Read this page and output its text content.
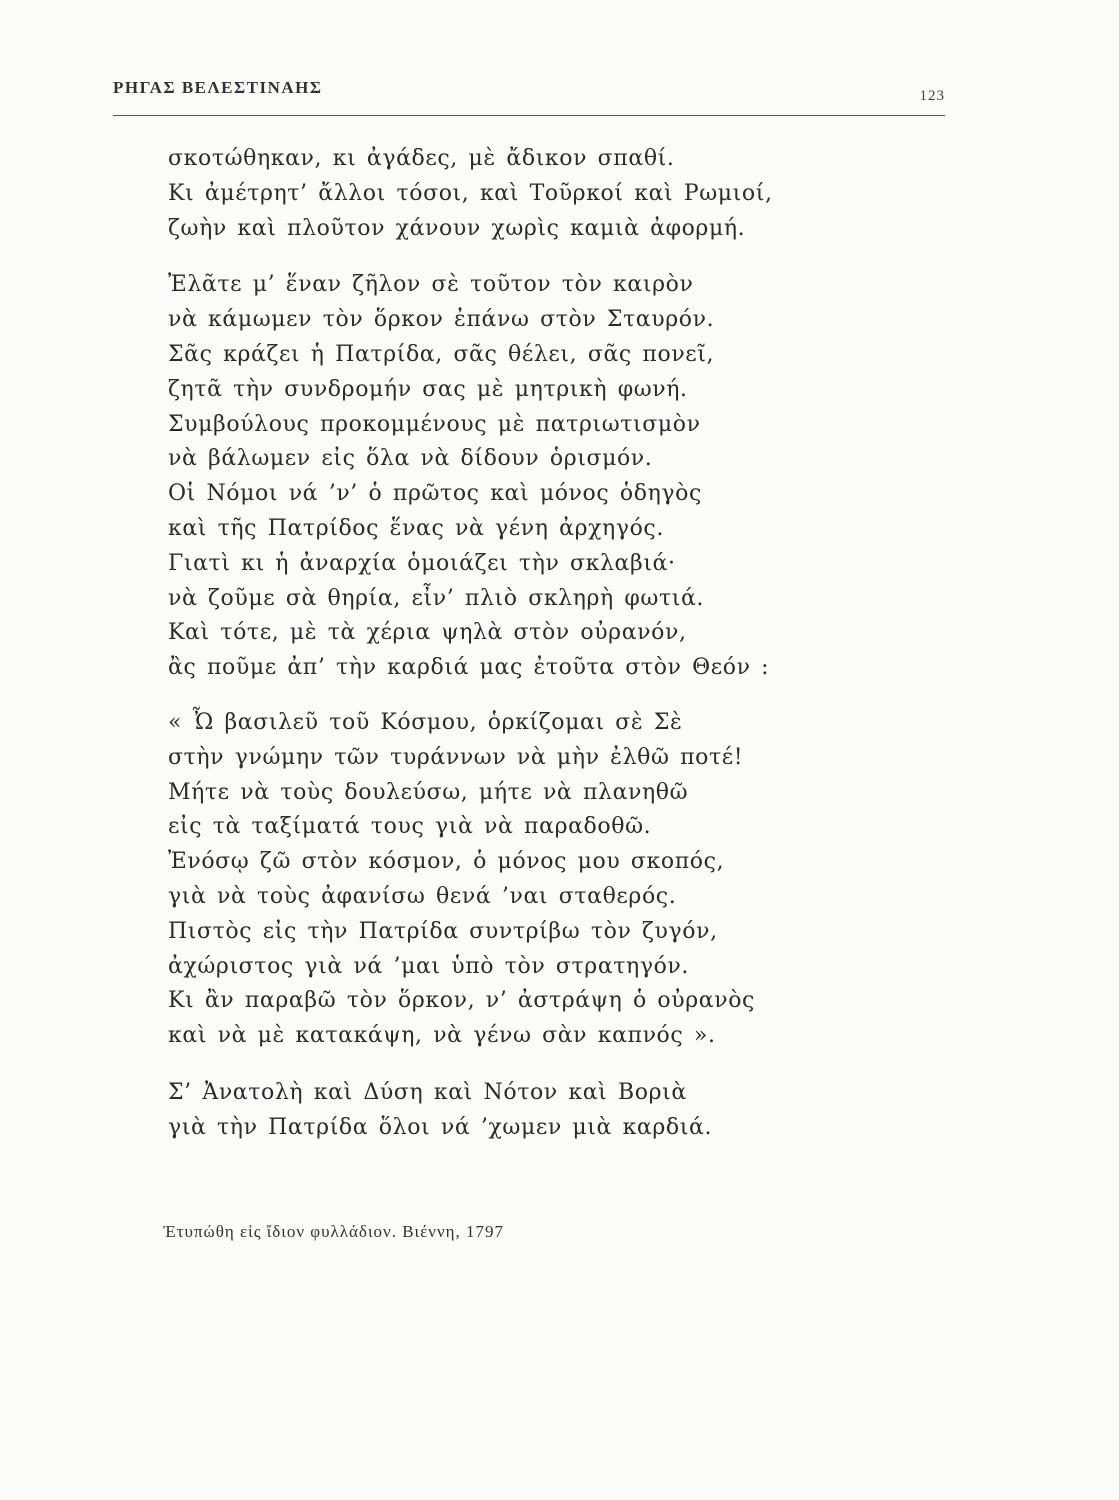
ΡΗΓΑΣ ΒΕΛΕΣΤΙΝΑΗΣ	123
σκοτώθηκαν, κι ἀγάδες, μὲ ἄδικον σπαθί.
Κι ἀμέτρητ’ ἄλλοι τόσοι, καὶ Τοῦρκοί καὶ Ρωμιοί,
ζωὴν καὶ πλοῦτον χάνουν χωρὶς καμιὰ ἀφορμή.
Ἐλᾶτε μ’ ἕναν ζῆλον σὲ τοῦτον τὸν καιρὸν
νὰ κάμωμεν τὸν ὅρκον ἐπάνω στὸν Σταυρόν.
Σᾶς κράζει ἡ Πατρίδα, σᾶς θέλει, σᾶς πονεῖ,
ζητᾶ τὴν συνδρομήν σας μὲ μητρικὴ φωνή.
Συμβούλους προκομμένους μὲ πατριωτισμὸν
νὰ βάλωμεν εἰς ὅλα νὰ δίδουν ὁρισμόν.
Οἱ Νόμοι νά ’ν’ ὁ πρῶτος καὶ μόνος ὁδηγὸς
καὶ τῆς Πατρίδος ἕνας νὰ γένη ἀρχηγός.
Γιατὶ κι ἡ ἀναρχία ὁμοιάζει τὴν σκλαβιά·
νὰ ζοῦμε σὰ θηρία, εἶν’ πλιὸ σκληρὴ φωτιά.
Καὶ τότε, μὲ τὰ χέρια ψηλὰ στὸν οὐρανόν,
ἂς ποῦμε ἀπ’ τὴν καρδιά μας ἐτοῦτα στὸν Θεόν :
« Ὦ βασιλεῦ τοῦ Κόσμου, ὁρκίζομαι σὲ Σὲ
στὴν γνώμην τῶν τυράννων νὰ μὴν ἐλθῶ ποτέ!
Μήτε νὰ τοὺς δουλεύσω, μήτε νὰ πλανηθῶ
εἰς τὰ ταξίματά τους γιὰ νὰ παραδοθῶ.
Ἐνόσῳ ζῶ στὸν κόσμον, ὁ μόνος μου σκοπός,
γιὰ νὰ τοὺς ἀφανίσω θενά ’ναι σταθερός.
Πιστὸς εἰς τὴν Πατρίδα συντρίβω τὸν ζυγόν,
ἀχώριστος γιὰ νά ’μαι ὑπὸ τὸν στρατηγόν.
Κι ἂν παραβῶ τὸν ὅρκον, ν’ ἀστράψη ὁ οὐρανὸς
καὶ νὰ μὲ κατακάψη, νὰ γένω σὰν καπνός ».
Σ’ Ἀνατολὴ καὶ Δύση καὶ Νότον καὶ Βοριὰ
γιὰ τὴν Πατρίδα ὅλοι νά ’χωμεν μιὰ καρδιά.
Ἐτυπώθη εἰς ἴδιον φυλλάδιον. Βιέννη, 1797
